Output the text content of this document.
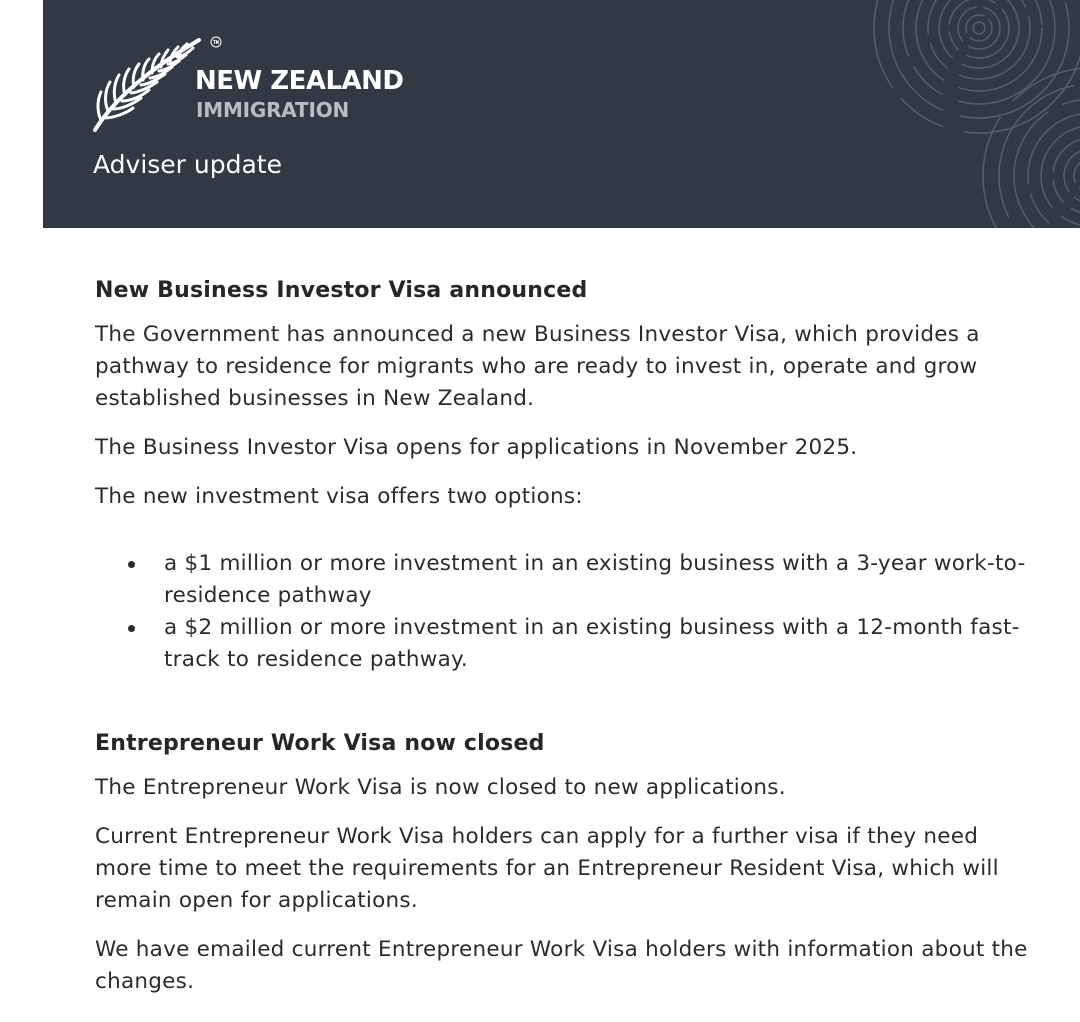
NEW ZEALAND
IMMIGRATION
Adviser update
New Business Investor Visa announced

The Government has announced a new Business Investor Visa, which provides a pathway to residence for migrants who are ready to invest in, operate and grow established businesses in New Zealand.

The Business Investor Visa opens for applications in November 2025.

The new investment visa offers two options:

a $1 million or more investment in an existing business with a 3-year work-to-residence pathway
a $2 million or more investment in an existing business with a 12-month fast-track to residence pathway.
Entrepreneur Work Visa now closed

The Entrepreneur Work Visa is now closed to new applications.

Current Entrepreneur Work Visa holders can apply for a further visa if they need more time to meet the requirements for an Entrepreneur Resident Visa, which will remain open for applications.

We have emailed current Entrepreneur Work Visa holders with information about the changes.
